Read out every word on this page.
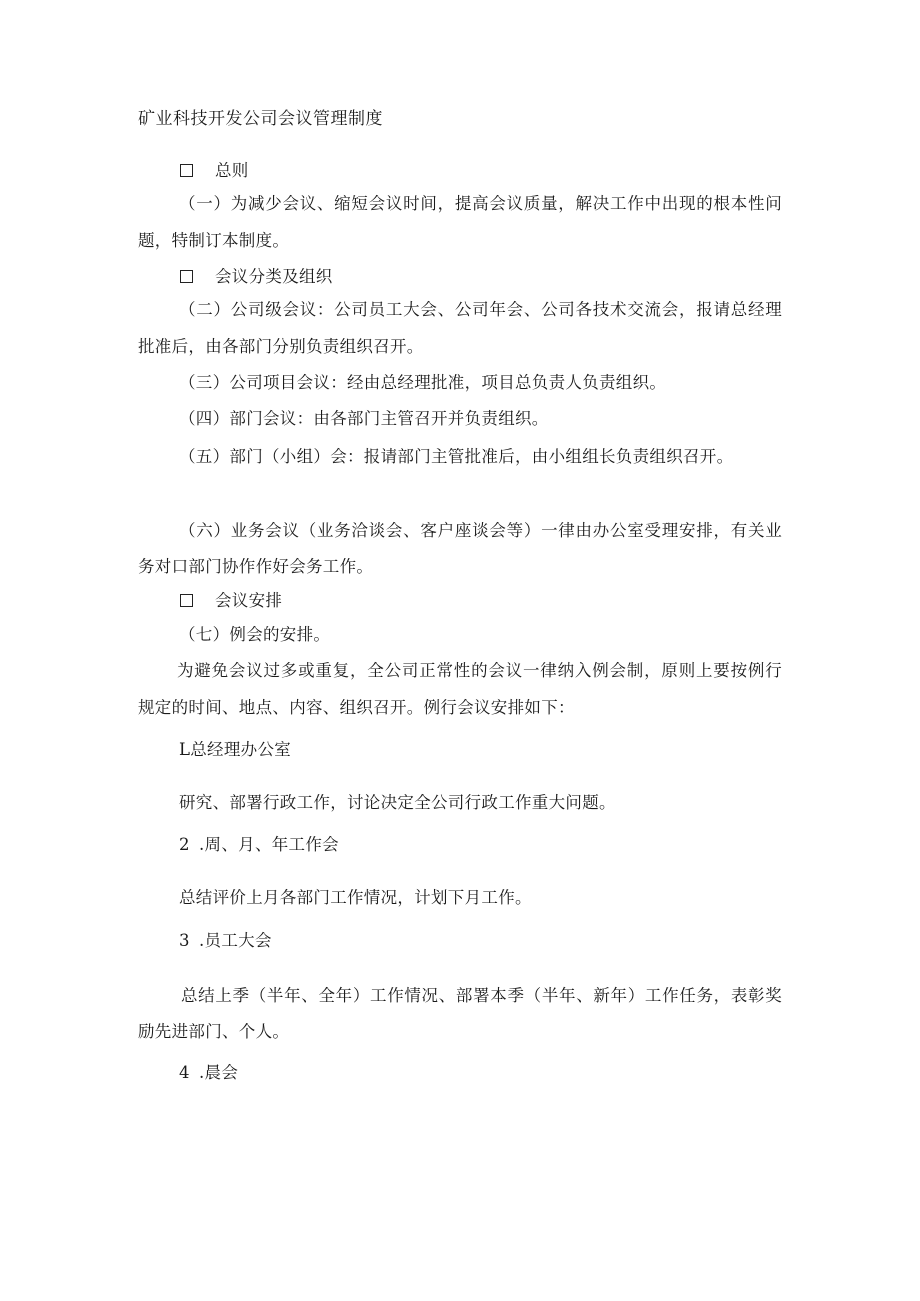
矿业科技开发公司会议管理制度
总则
（一）为减少会议、缩短会议时间，提高会议质量，解决工作中出现的根本性问
题，特制订本制度。
会议分类及组织
（二）公司级会议：公司员工大会、公司年会、公司各技术交流会，报请总经理
批准后，由各部门分别负责组织召开。
（三）公司项目会议：经由总经理批准，项目总负责人负责组织。
（四）部门会议：由各部门主管召开并负责组织。
（五）部门（小组）会：报请部门主管批准后，由小组组长负责组织召开。
（六）业务会议（业务洽谈会、客户座谈会等）一律由办公室受理安排，有关业
务对口部门协作作好会务工作。
会议安排
（七）例会的安排。
为避免会议过多或重复，全公司正常性的会议一律纳入例会制，原则上要按例行
规定的时间、地点、内容、组织召开。例行会议安排如下：
L总经理办公室
研究、部署行政工作，讨论决定全公司行政工作重大问题。
2 .周、月、年工作会
总结评价上月各部门工作情况，计划下月工作。
3 .员工大会
总结上季（半年、全年）工作情况、部署本季（半年、新年）工作任务，表彰奖
励先进部门、个人。
4 .晨会
